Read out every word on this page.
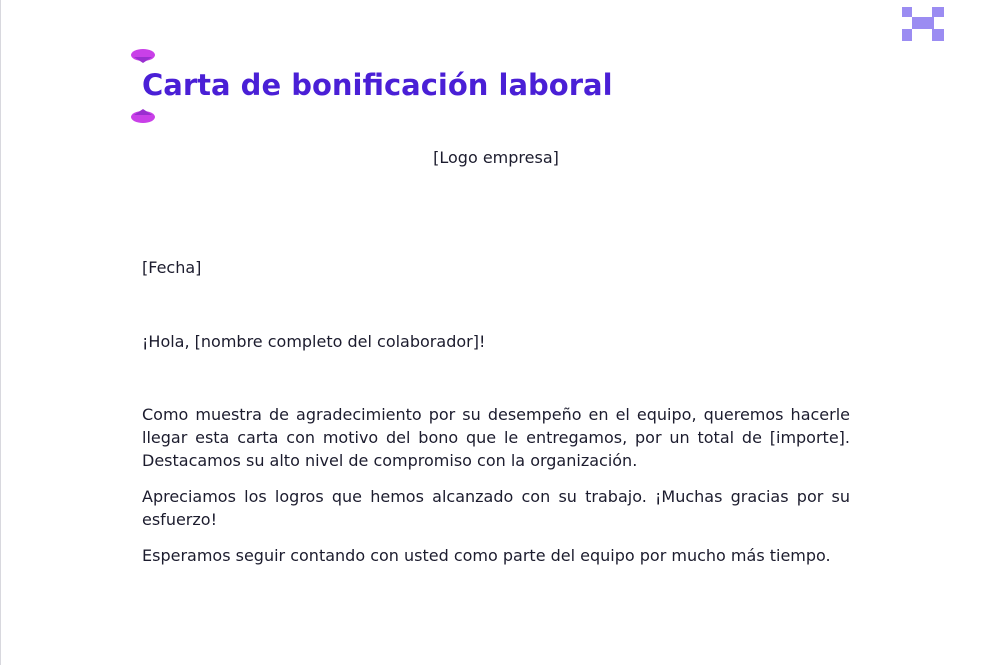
Carta de bonificación laboral
[Logo empresa]
[Fecha]
¡Hola, [nombre completo del colaborador]!

Como muestra de agradecimiento por su desempeño en el equipo, queremos hacerle llegar esta carta con motivo del bono que le entregamos, por un total de [importe]. Destacamos su alto nivel de compromiso con la organización.

Apreciamos los logros que hemos alcanzado con su trabajo. ¡Muchas gracias por su esfuerzo!

Esperamos seguir contando con usted como parte del equipo por mucho más tiempo.
